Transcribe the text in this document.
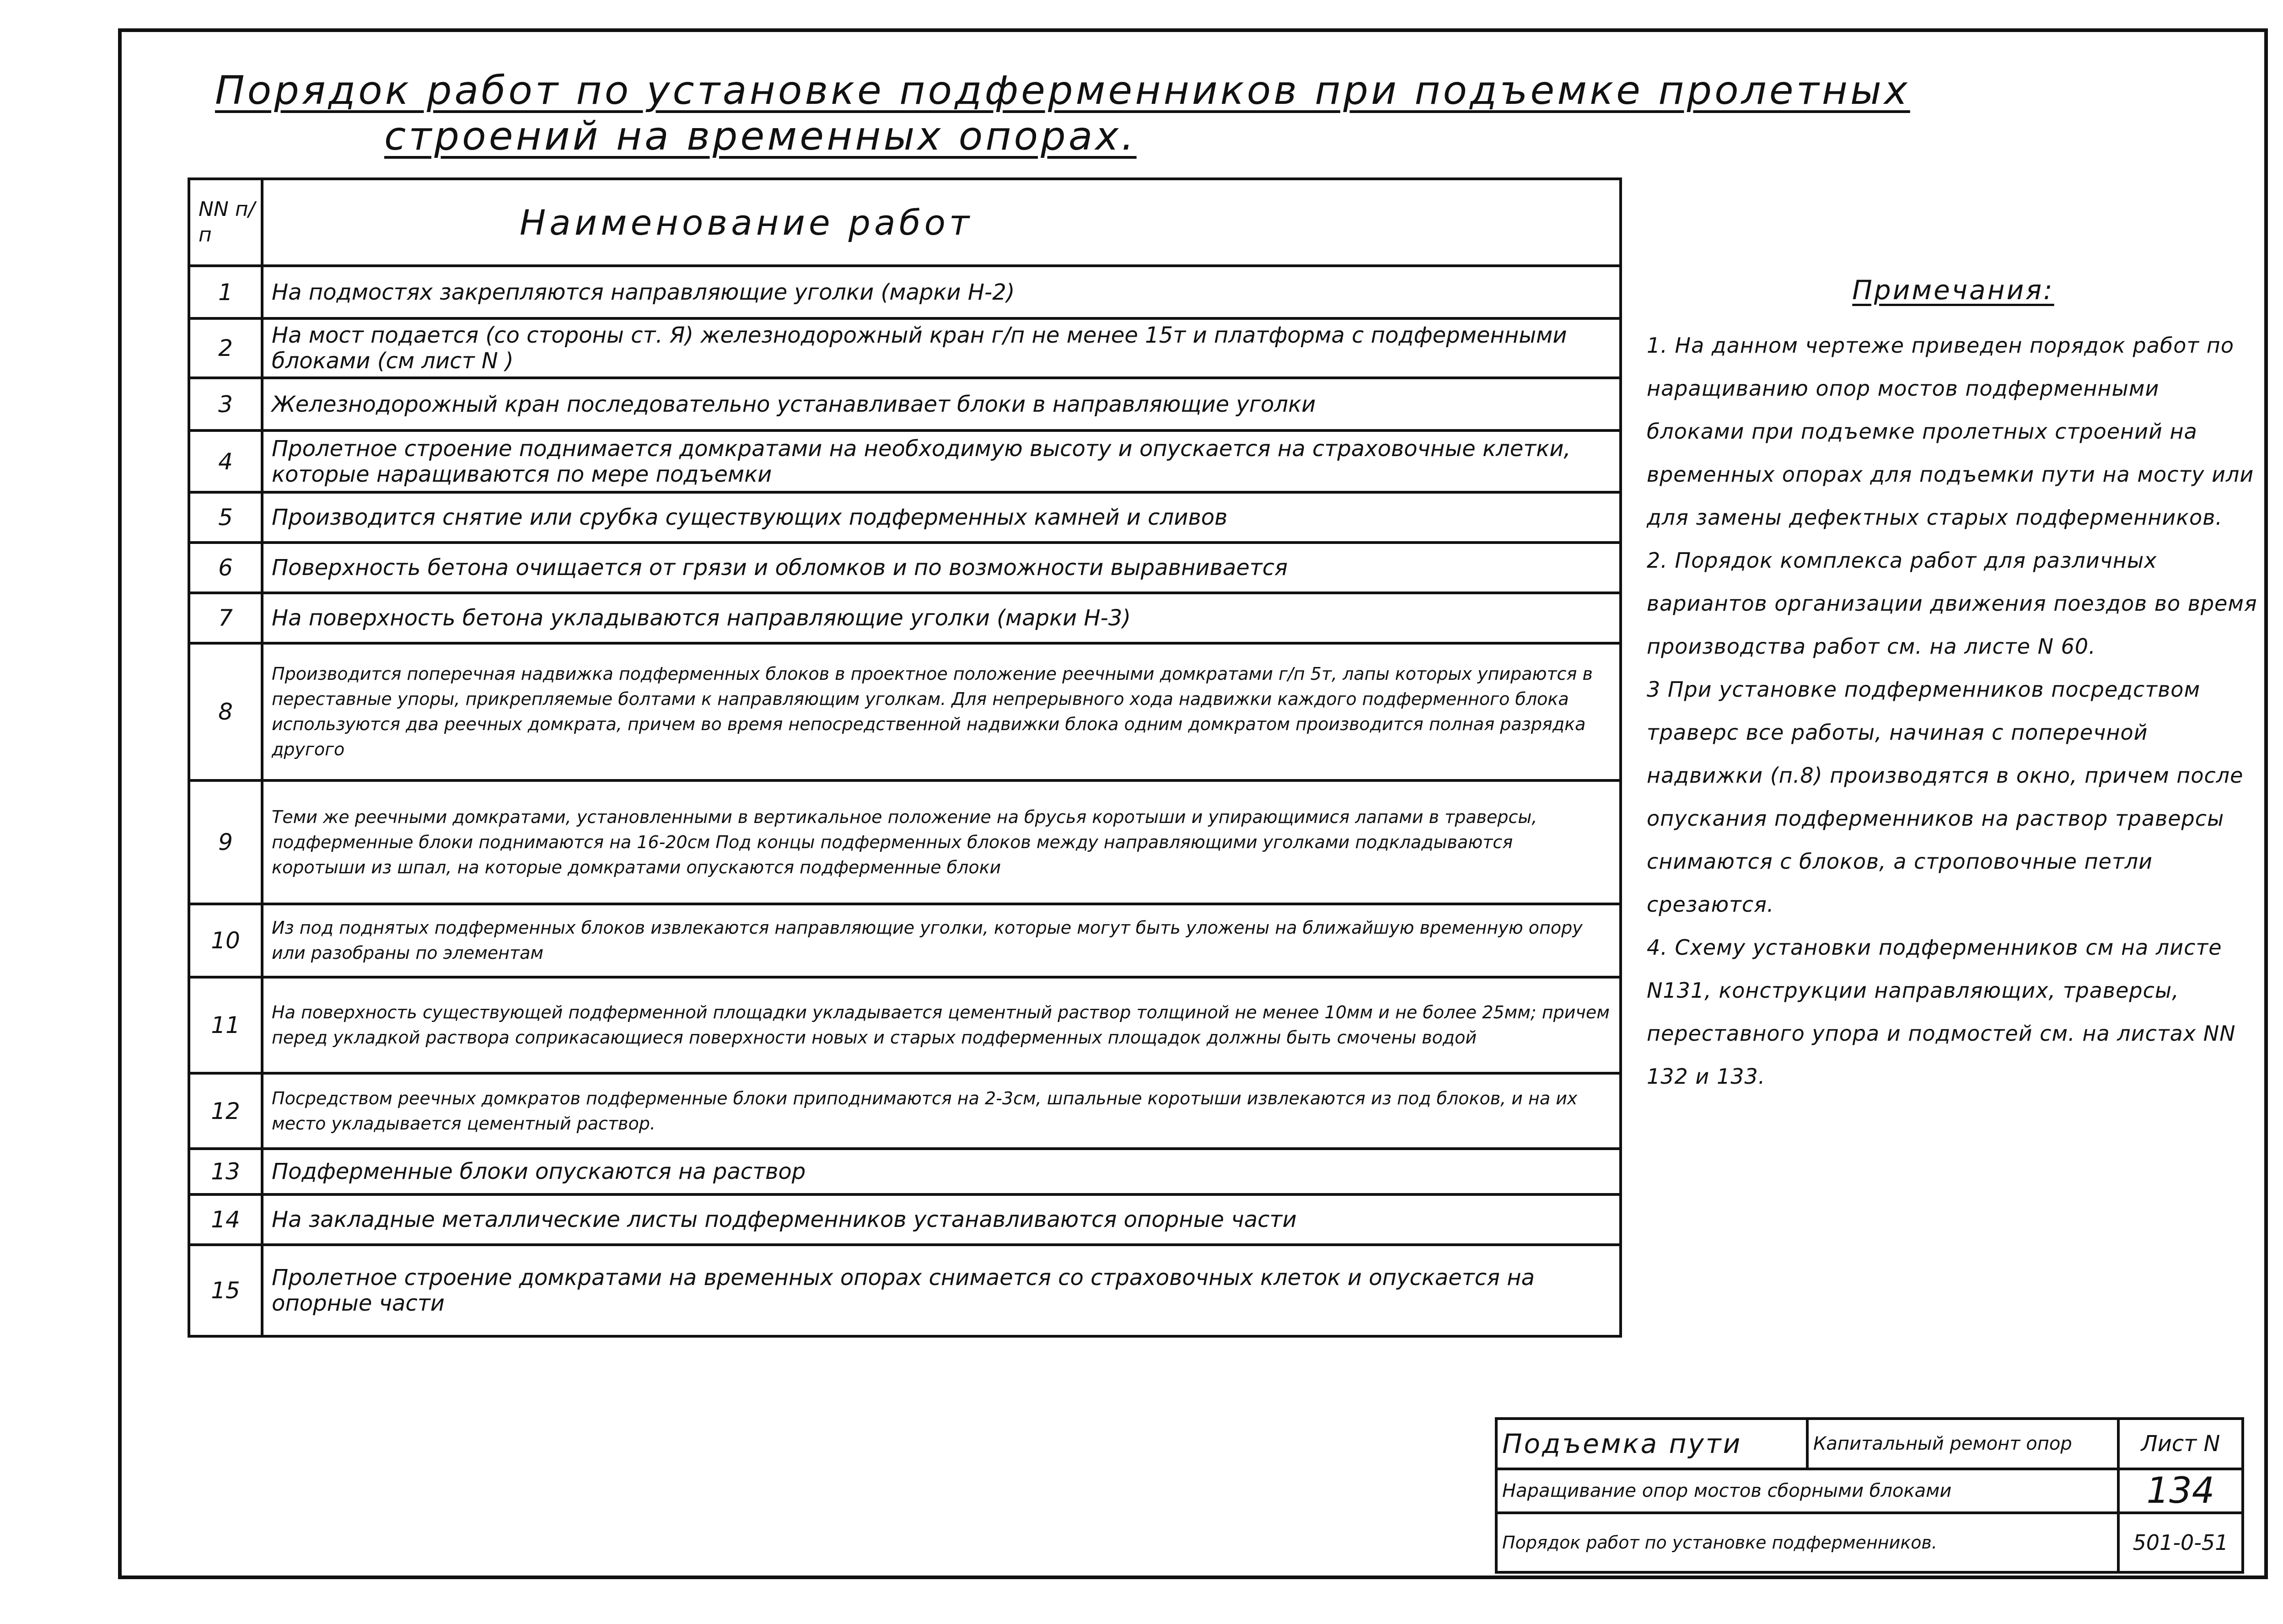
Порядок работ по установке подферменников при подъемке пролетных
строений на временных опорах.
NN п/п	Наименование работ
1	На подмостях закрепляются направляющие уголки (марки Н-2)
2	На мост подается (со стороны ст. Я) железнодорожный кран г/п не менее 15т и платформа с подферменными блоками (см лист N )
3	Железнодорожный кран последовательно устанавливает блоки в направляющие уголки
4	Пролетное строение поднимается домкратами на необходимую высоту и опускается на страховочные клетки, которые наращиваются по мере подъемки
5	Производится снятие или срубка существующих подферменных камней и сливов
6	Поверхность бетона очищается от грязи и обломков и по возможности выравнивается
7	На поверхность бетона укладываются направляющие уголки (марки Н-3)
8	Производится поперечная надвижка подферменных блоков в проектное положение реечными домкратами г/п 5т, лапы которых упираются в переставные упоры, прикрепляемые болтами к направляющим уголкам. Для непрерывного хода надвижки каждого подферменного блока используются два реечных домкрата, причем во время непосредственной надвижки блока одним домкратом производится полная разрядка другого
9	Теми же реечными домкратами, установленными в вертикальное положение на брусья коротыши и упирающимися лапами в траверсы, подферменные блоки поднимаются на 16-20см Под концы подферменных блоков между направляющими уголками подкладываются коротыши из шпал, на которые домкратами опускаются подферменные блоки
10	Из под поднятых подферменных блоков извлекаются направляющие уголки, которые могут быть уложены на ближайшую временную опору или разобраны по элементам
11	На поверхность существующей подферменной площадки укладывается цементный раствор толщиной не менее 10мм и не более 25мм; причем перед укладкой раствора соприкасающиеся поверхности новых и старых подферменных площадок должны быть смочены водой
12	Посредством реечных домкратов подферменные блоки приподнимаются на 2-3см, шпальные коротыши извлекаются из под блоков, и на их место укладывается цементный раствор.
13	Подферменные блоки опускаются на раствор
14	На закладные металлические листы подферменников устанавливаются опорные части
15	Пролетное строение домкратами на временных опорах снимается со страховочных клеток и опускается на опорные части
Примечания:
1. На данном чертеже приведен порядок работ по наращиванию опор мостов подферменными блоками при подъемке пролетных строений на временных опорах для подъемки пути на мосту или для замены дефектных старых подферменников.
2. Порядок комплекса работ для различных вариантов организации движения поездов во время производства работ см. на листе N 60.
3 При установке подферменников посредством траверс все работы, начиная с поперечной надвижки (п.8) производятся в окно, причем после опускания подферменников на раствор траверсы снимаются с блоков, а строповочные петли срезаются.
4. Схему установки подферменников см на листе N131, конструкции направляющих, траверсы, переставного упора и подмостей см. на листах NN 132 и 133.
Подъемка пути	Капитальный ремонт опор	Лист N
Наращивание опор мостов сборными блоками		134
Порядок работ по установке подферменников.		501-0-51
